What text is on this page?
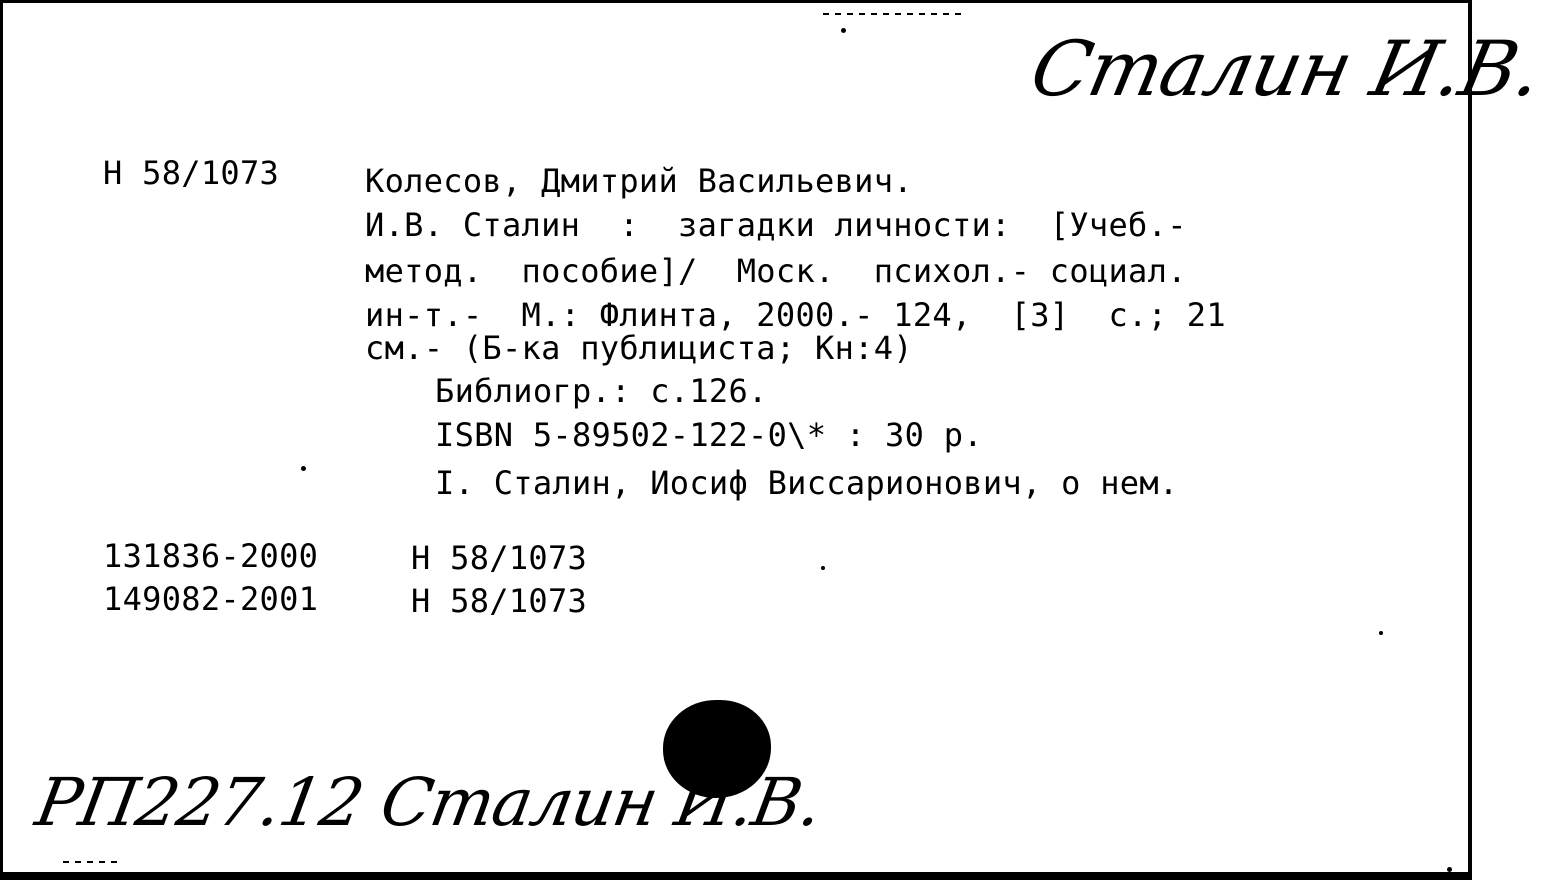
Сталин И.В.
Н 58/1073	Колесов, Дмитрий Васильевич.
И.В. Сталин  :  загадки личности:  [Учеб.-
метод.  пособие]/  Моск.  психол.- социал.
ин-т.-  М.: Флинта, 2000.- 124,  [3]  с.; 21
см.- (Б-ка публициста; Кн:4)
Библиогр.: с.126.
ISBN 5-89502-122-0\* : 30 р.
I. Сталин, Иосиф Виссарионович, о нем.
131836-2000	Н 58/1073
149082-2001	Н 58/1073
РП227.12 Сталин И.В.
